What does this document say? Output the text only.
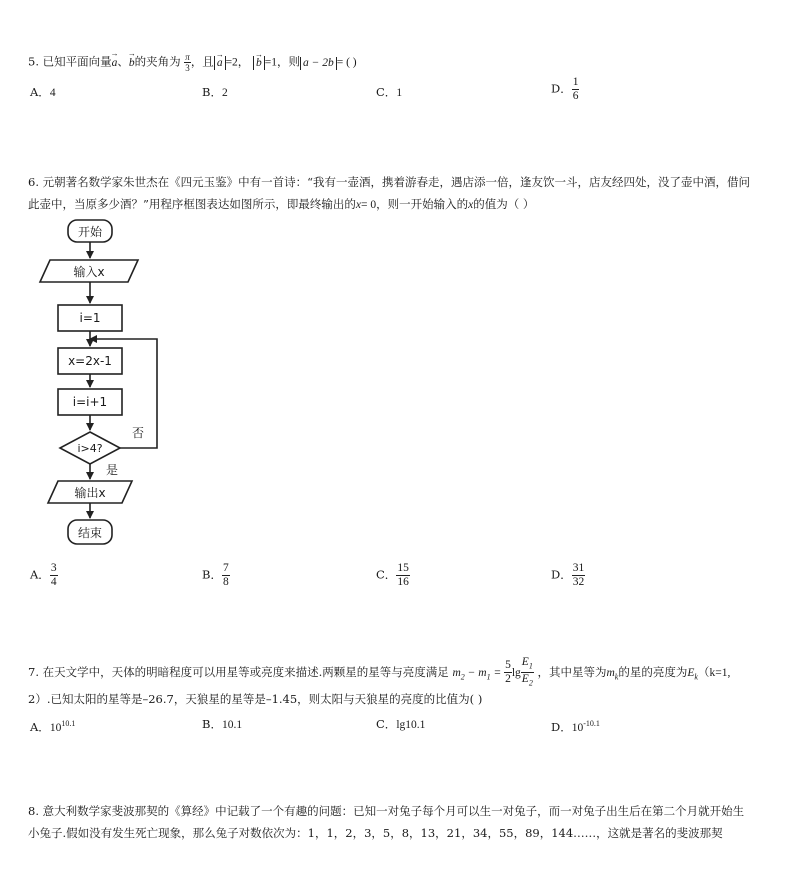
5. 已知平面向量→ a、→ b的夹角为 $\frac{\pi}{3}$ ，且 → a =2， → b =1，则 a − 2b = ( )
A．4	B．2	C．1	D． $\frac{1}{6}$
6. 元朝著名数学家朱世杰在《四元玉鉴》中有一首诗：“我有一壶酒，携着游春走，遇店添一倍，逢友饮一斗，店友经四处，没了壶中酒，借问
此壶中，当原多少酒？”用程序框图表达如图所示，即最终输出的x= 0，则一开始输入的x的值为（ ）
开始
输入x
i=1
x=2x-1
i=i+1
i>4?
否
是
输出x
结束
A． $\frac{3}{4}$	B． $\frac{7}{8}$	C． $\frac{15}{16}$	D． $\frac{31}{32}$
7. 在天文学中，天体的明暗程度可以用星等或亮度来描述.两颗星的星等与亮度满足 $m_2 - m_1 = \frac{5}{2}$ $\lg \frac{E_1}{E_2}$ ，其中星等为$m_k$的星的亮度为$E_k(k=1$,
2）.已知太阳的星等是–26.7，天狼星的星等是–1.45，则太阳与天狼星的亮度的比值为( )
A．$10^{10.1}$	B．10.1	C．lg10.1	D．$10^{-10.1}$
8. 意大利数学家斐波那契的《算经》中记载了一个有趣的问题：已知一对兔子每个月可以生一对兔子，而一对兔子出生后在第二个月就开始生
小兔子.假如没有发生死亡现象，那么兔子对数依次为：1，1，2，3，5，8，13，21，34，55，89，144……，这就是著名的斐波那契
